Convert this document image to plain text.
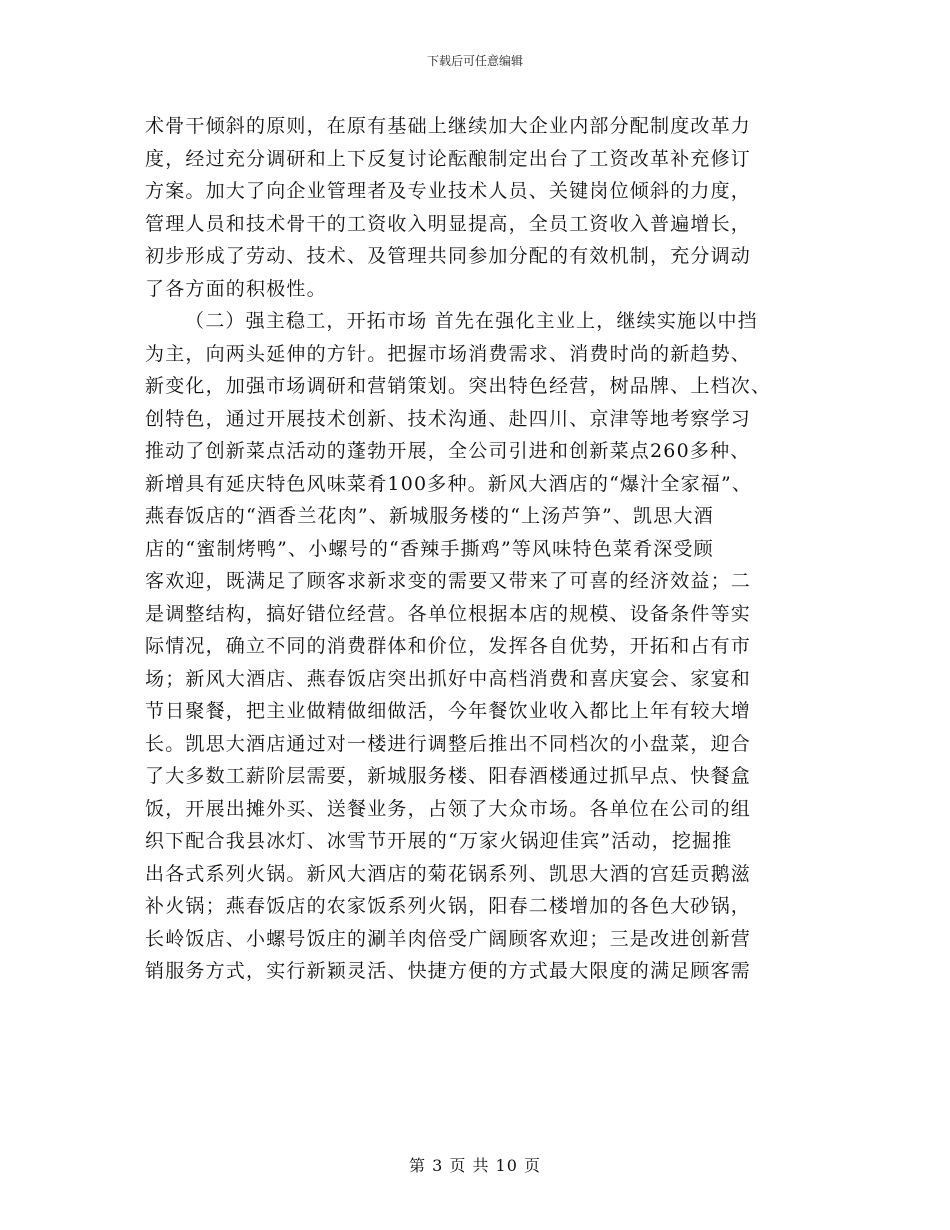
下载后可任意编辑
术骨干倾斜的原则，在原有基础上继续加大企业内部分配制度改革力
度，经过充分调研和上下反复讨论酝酿制定出台了工资改革补充修订
方案。加大了向企业管理者及专业技术人员、关键岗位倾斜的力度，
管理人员和技术骨干的工资收入明显提高，全员工资收入普遍增长，
初步形成了劳动、技术、及管理共同参加分配的有效机制，充分调动
了各方面的积极性。
（二）强主稳工，开拓市场 首先在强化主业上，继续实施以中挡
为主，向两头延伸的方针。把握市场消费需求、消费时尚的新趋势、
新变化，加强市场调研和营销策划。突出特色经营，树品牌、上档次、
创特色，通过开展技术创新、技术沟通、赴四川、京津等地考察学习
推动了创新菜点活动的蓬勃开展，全公司引进和创新菜点260多种、
新增具有延庆特色风味菜肴100多种。新风大酒店的“爆汁全家福”、
燕春饭店的“酒香兰花肉”、新城服务楼的“上汤芦笋”、凯思大酒
店的“蜜制烤鸭”、小螺号的“香辣手撕鸡”等风味特色菜肴深受顾
客欢迎，既满足了顾客求新求变的需要又带来了可喜的经济效益；二
是调整结构，搞好错位经营。各单位根据本店的规模、设备条件等实
际情况，确立不同的消费群体和价位，发挥各自优势，开拓和占有市
场；新风大酒店、燕春饭店突出抓好中高档消费和喜庆宴会、家宴和
节日聚餐，把主业做精做细做活，今年餐饮业收入都比上年有较大增
长。凯思大酒店通过对一楼进行调整后推出不同档次的小盘菜，迎合
了大多数工薪阶层需要，新城服务楼、阳春酒楼通过抓早点、快餐盒
饭，开展出摊外买、送餐业务，占领了大众市场。各单位在公司的组
织下配合我县冰灯、冰雪节开展的“万家火锅迎佳宾”活动，挖掘推
出各式系列火锅。新风大酒店的菊花锅系列、凯思大酒的宫廷贡鹅滋
补火锅；燕春饭店的农家饭系列火锅，阳春二楼增加的各色大砂锅，
长岭饭店、小螺号饭庄的涮羊肉倍受广阔顾客欢迎；三是改进创新营
销服务方式，实行新颖灵活、快捷方便的方式最大限度的满足顾客需
第 3 页 共 10 页
